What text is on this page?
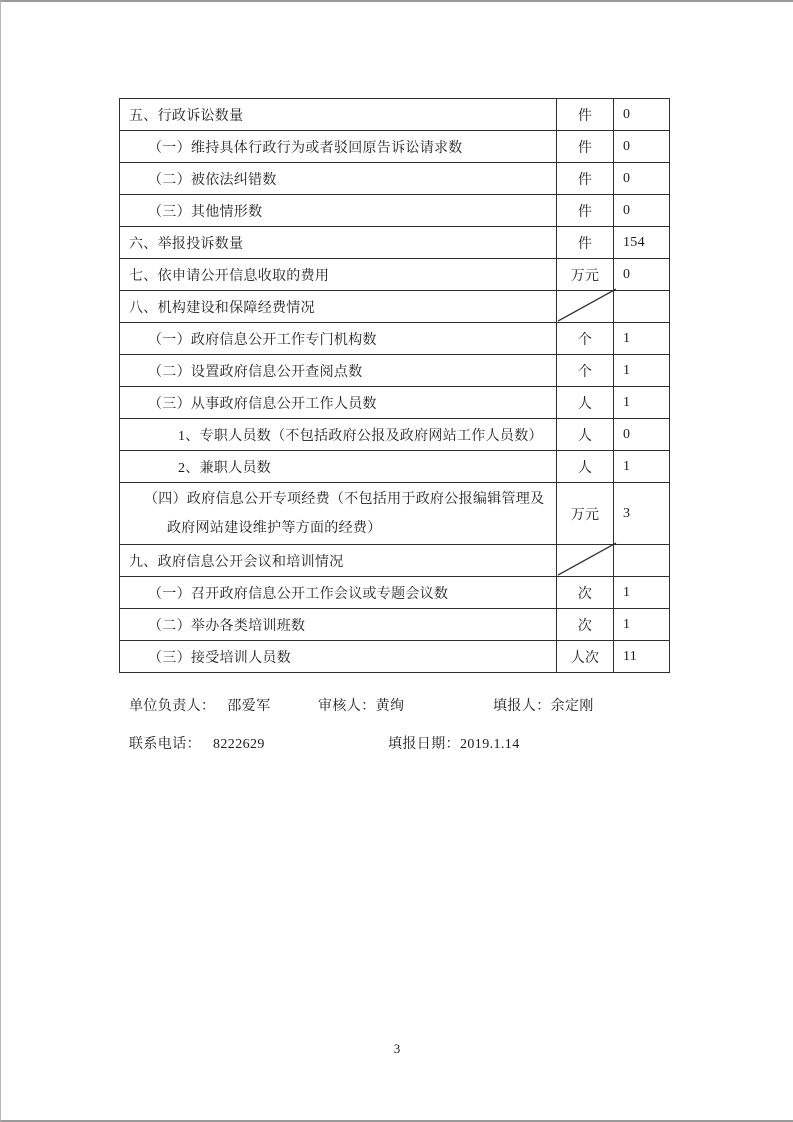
五、行政诉讼数量	件	0
（一）维持具体行政行为或者驳回原告诉讼请求数	件	0
（二）被依法纠错数	件	0
（三）其他情形数	件	0
六、举报投诉数量	件	154
七、依申请公开信息收取的费用	万元	0
八、机构建设和保障经费情况	

（一）政府信息公开工作专门机构数	个	1
（二）设置政府信息公开查阅点数	个	1
（三）从事政府信息公开工作人员数	人	1
1、专职人员数（不包括政府公报及政府网站工作人员数）	人	0
2、兼职人员数	人	1

（四）政府信息公开专项经费（不包括用于政府公报编辑管理及
政府网站建设维护等方面的经费）	万元	3
九、政府信息公开会议和培训情况	

（一）召开政府信息公开工作会议或专题会议数	次	1
（二）举办各类培训班数	次	1
（三）接受培训人员数	人次	11
单位负责人： 邵爱军	审核人：黄绚	填报人：余定刚
联系电话： 8222629	填报日期：2019.1.14
3
